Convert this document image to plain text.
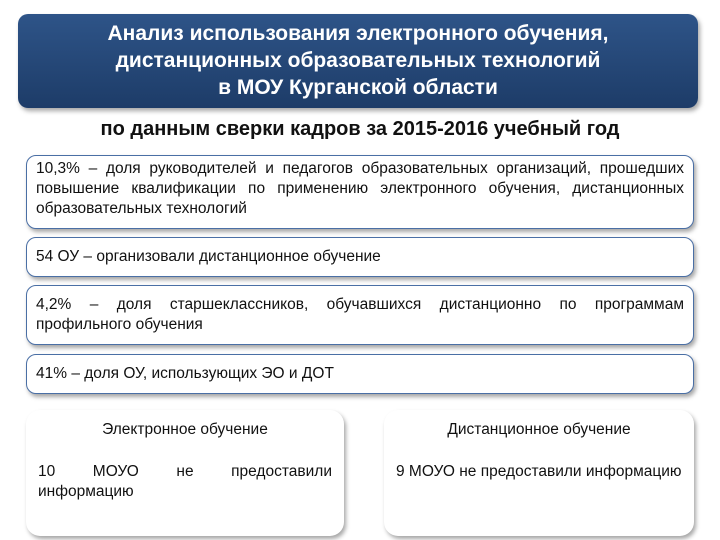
Анализ использования электронного обучения,
дистанционных образовательных технологий
в МОУ Курганской области
по данным сверки кадров за 2015-2016 учебный год
10,3% – доля руководителей и педагогов образовательных организаций, прошедших повышение квалификации по применению электронного обучения, дистанционных образовательных технологий
54 ОУ – организовали дистанционное обучение
4,2% – доля старшеклассников, обучавшихся дистанционно по программам профильного обучения
41% – доля ОУ, использующих ЭО и ДОТ
Электронное обучение
10 МОУО не предоставили информацию
Дистанционное обучение
9 МОУО не предоставили информацию
